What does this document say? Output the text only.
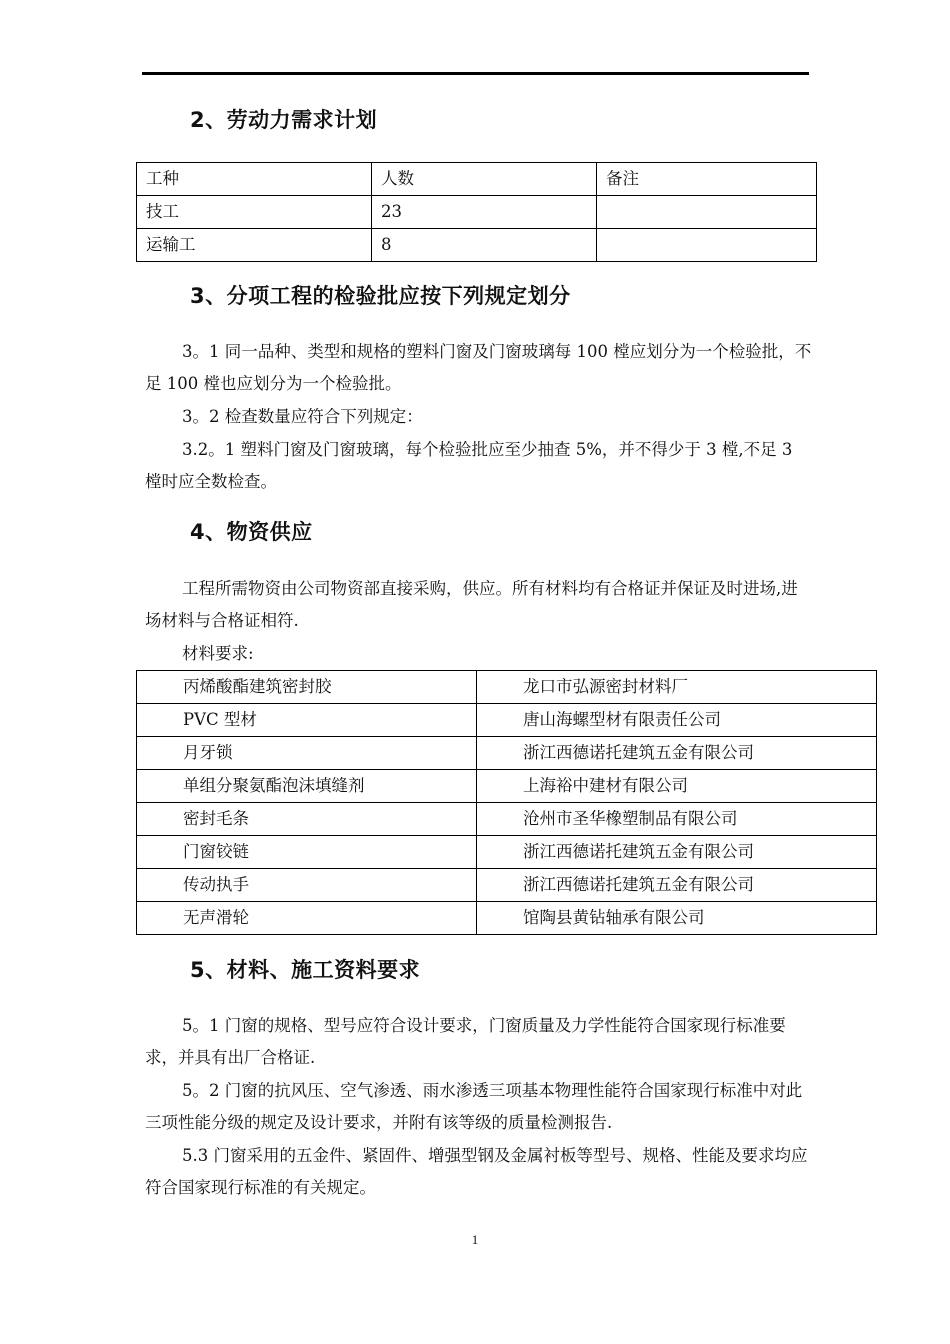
2、劳动力需求计划
工种	人数	备注
技工	23	
运输工	8	
3、分项工程的检验批应按下列规定划分
3。1 同一品种、类型和规格的塑料门窗及门窗玻璃每 100 樘应划分为一个检验批，不足 100 樘也应划分为一个检验批。
3。2 检查数量应符合下列规定：
3.2。1 塑料门窗及门窗玻璃，每个检验批应至少抽查 5%，并不得少于 3 樘,不足 3 樘时应全数检查。
4、物资供应
工程所需物资由公司物资部直接采购，供应。所有材料均有合格证并保证及时进场,进场材料与合格证相符.
材料要求:
丙烯酸酯建筑密封胶	龙口市弘源密封材料厂
PVC 型材	唐山海螺型材有限责任公司
月牙锁	浙江西德诺托建筑五金有限公司
单组分聚氨酯泡沫填缝剂	上海裕中建材有限公司
密封毛条	沧州市圣华橡塑制品有限公司
门窗铰链	浙江西德诺托建筑五金有限公司
传动执手	浙江西德诺托建筑五金有限公司
无声滑轮	馆陶县黄钻轴承有限公司
5、材料、施工资料要求
5。1 门窗的规格、型号应符合设计要求，门窗质量及力学性能符合国家现行标准要求，并具有出厂合格证.
5。2 门窗的抗风压、空气渗透、雨水渗透三项基本物理性能符合国家现行标准中对此三项性能分级的规定及设计要求，并附有该等级的质量检测报告.
5.3 门窗采用的五金件、紧固件、增强型钢及金属衬板等型号、规格、性能及要求均应符合国家现行标准的有关规定。
1
